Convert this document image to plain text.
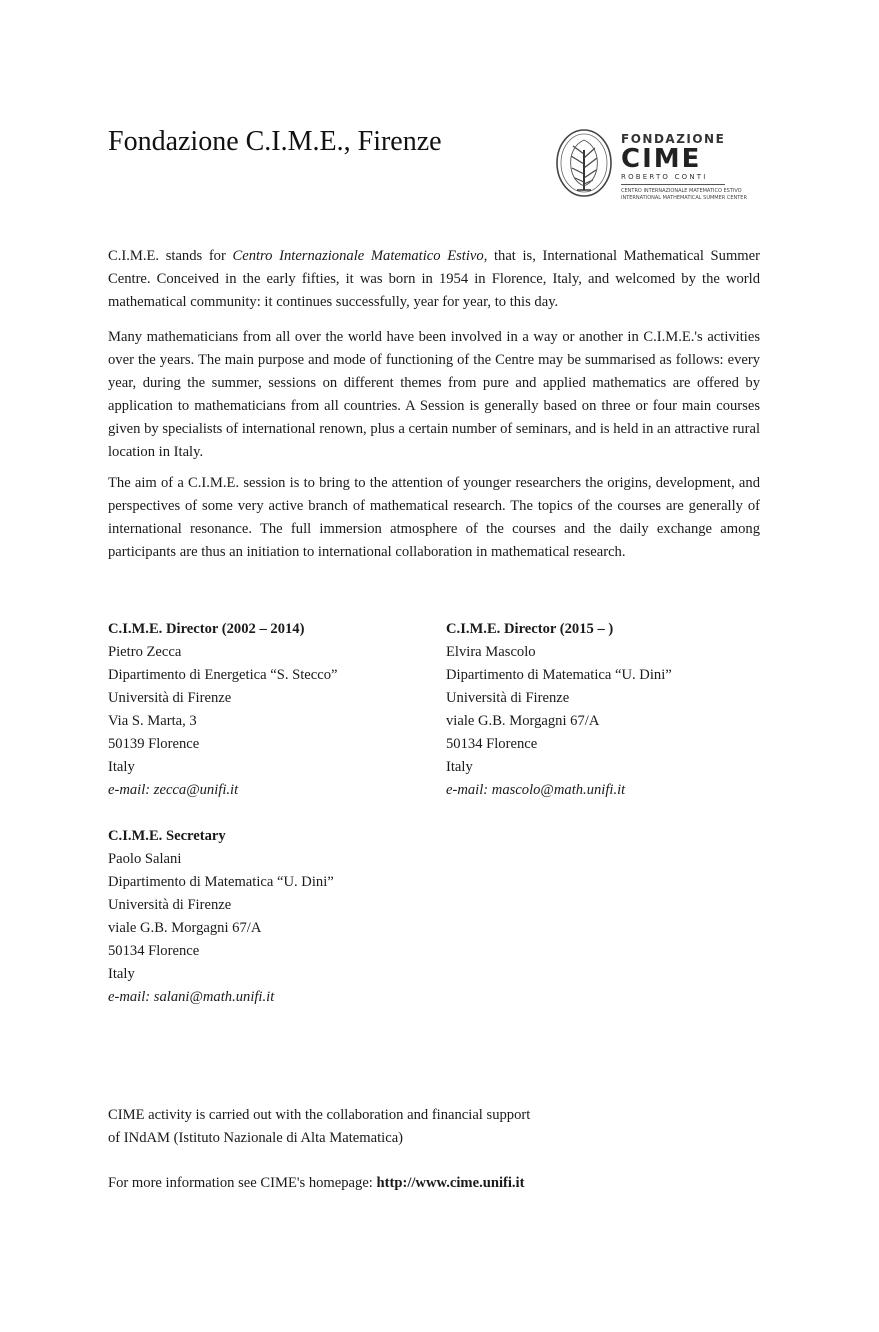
Fondazione C.I.M.E., Firenze	FONDAZIONE
CIME
ROBERTO CONTI
CENTRO INTERNAZIONALE MATEMATICO ESTIVO
INTERNATIONAL MATHEMATICAL SUMMER CENTER

C.I.M.E. stands for Centro Internazionale Matematico Estivo, that is, International Mathematical Summer Centre. Conceived in the early fifties, it was born in 1954 in Florence, Italy, and welcomed by the world mathematical community: it continues successfully, year for year, to this day.

Many mathematicians from all over the world have been involved in a way or another in C.I.M.E.'s activities over the years. The main purpose and mode of functioning of the Centre may be summarised as follows: every year, during the summer, sessions on different themes from pure and applied mathematics are offered by application to mathematicians from all countries. A Session is generally based on three or four main courses given by specialists of international renown, plus a certain number of seminars, and is held in an attractive rural location in Italy.

The aim of a C.I.M.E. session is to bring to the attention of younger researchers the origins, development, and perspectives of some very active branch of mathematical research. The topics of the courses are generally of international resonance. The full immersion atmosphere of the courses and the daily exchange among participants are thus an initiation to international collaboration in mathematical research.

C.I.M.E. Director (2002 – 2014)
Pietro Zecca
Dipartimento di Energetica “S. Stecco”
Università di Firenze
Via S. Marta, 3
50139 Florence
Italy
e-mail: zecca@unifi.it
C.I.M.E. Director (2015 – )
Elvira Mascolo
Dipartimento di Matematica “U. Dini”
Università di Firenze
viale G.B. Morgagni 67/A
50134 Florence
Italy
e-mail: mascolo@math.unifi.it
C.I.M.E. Secretary
Paolo Salani
Dipartimento di Matematica “U. Dini”
Università di Firenze
viale G.B. Morgagni 67/A
50134 Florence
Italy
e-mail: salani@math.unifi.it
CIME activity is carried out with the collaboration and financial support
of INdAM (Istituto Nazionale di Alta Matematica)
For more information see CIME's homepage: http://www.cime.unifi.it
